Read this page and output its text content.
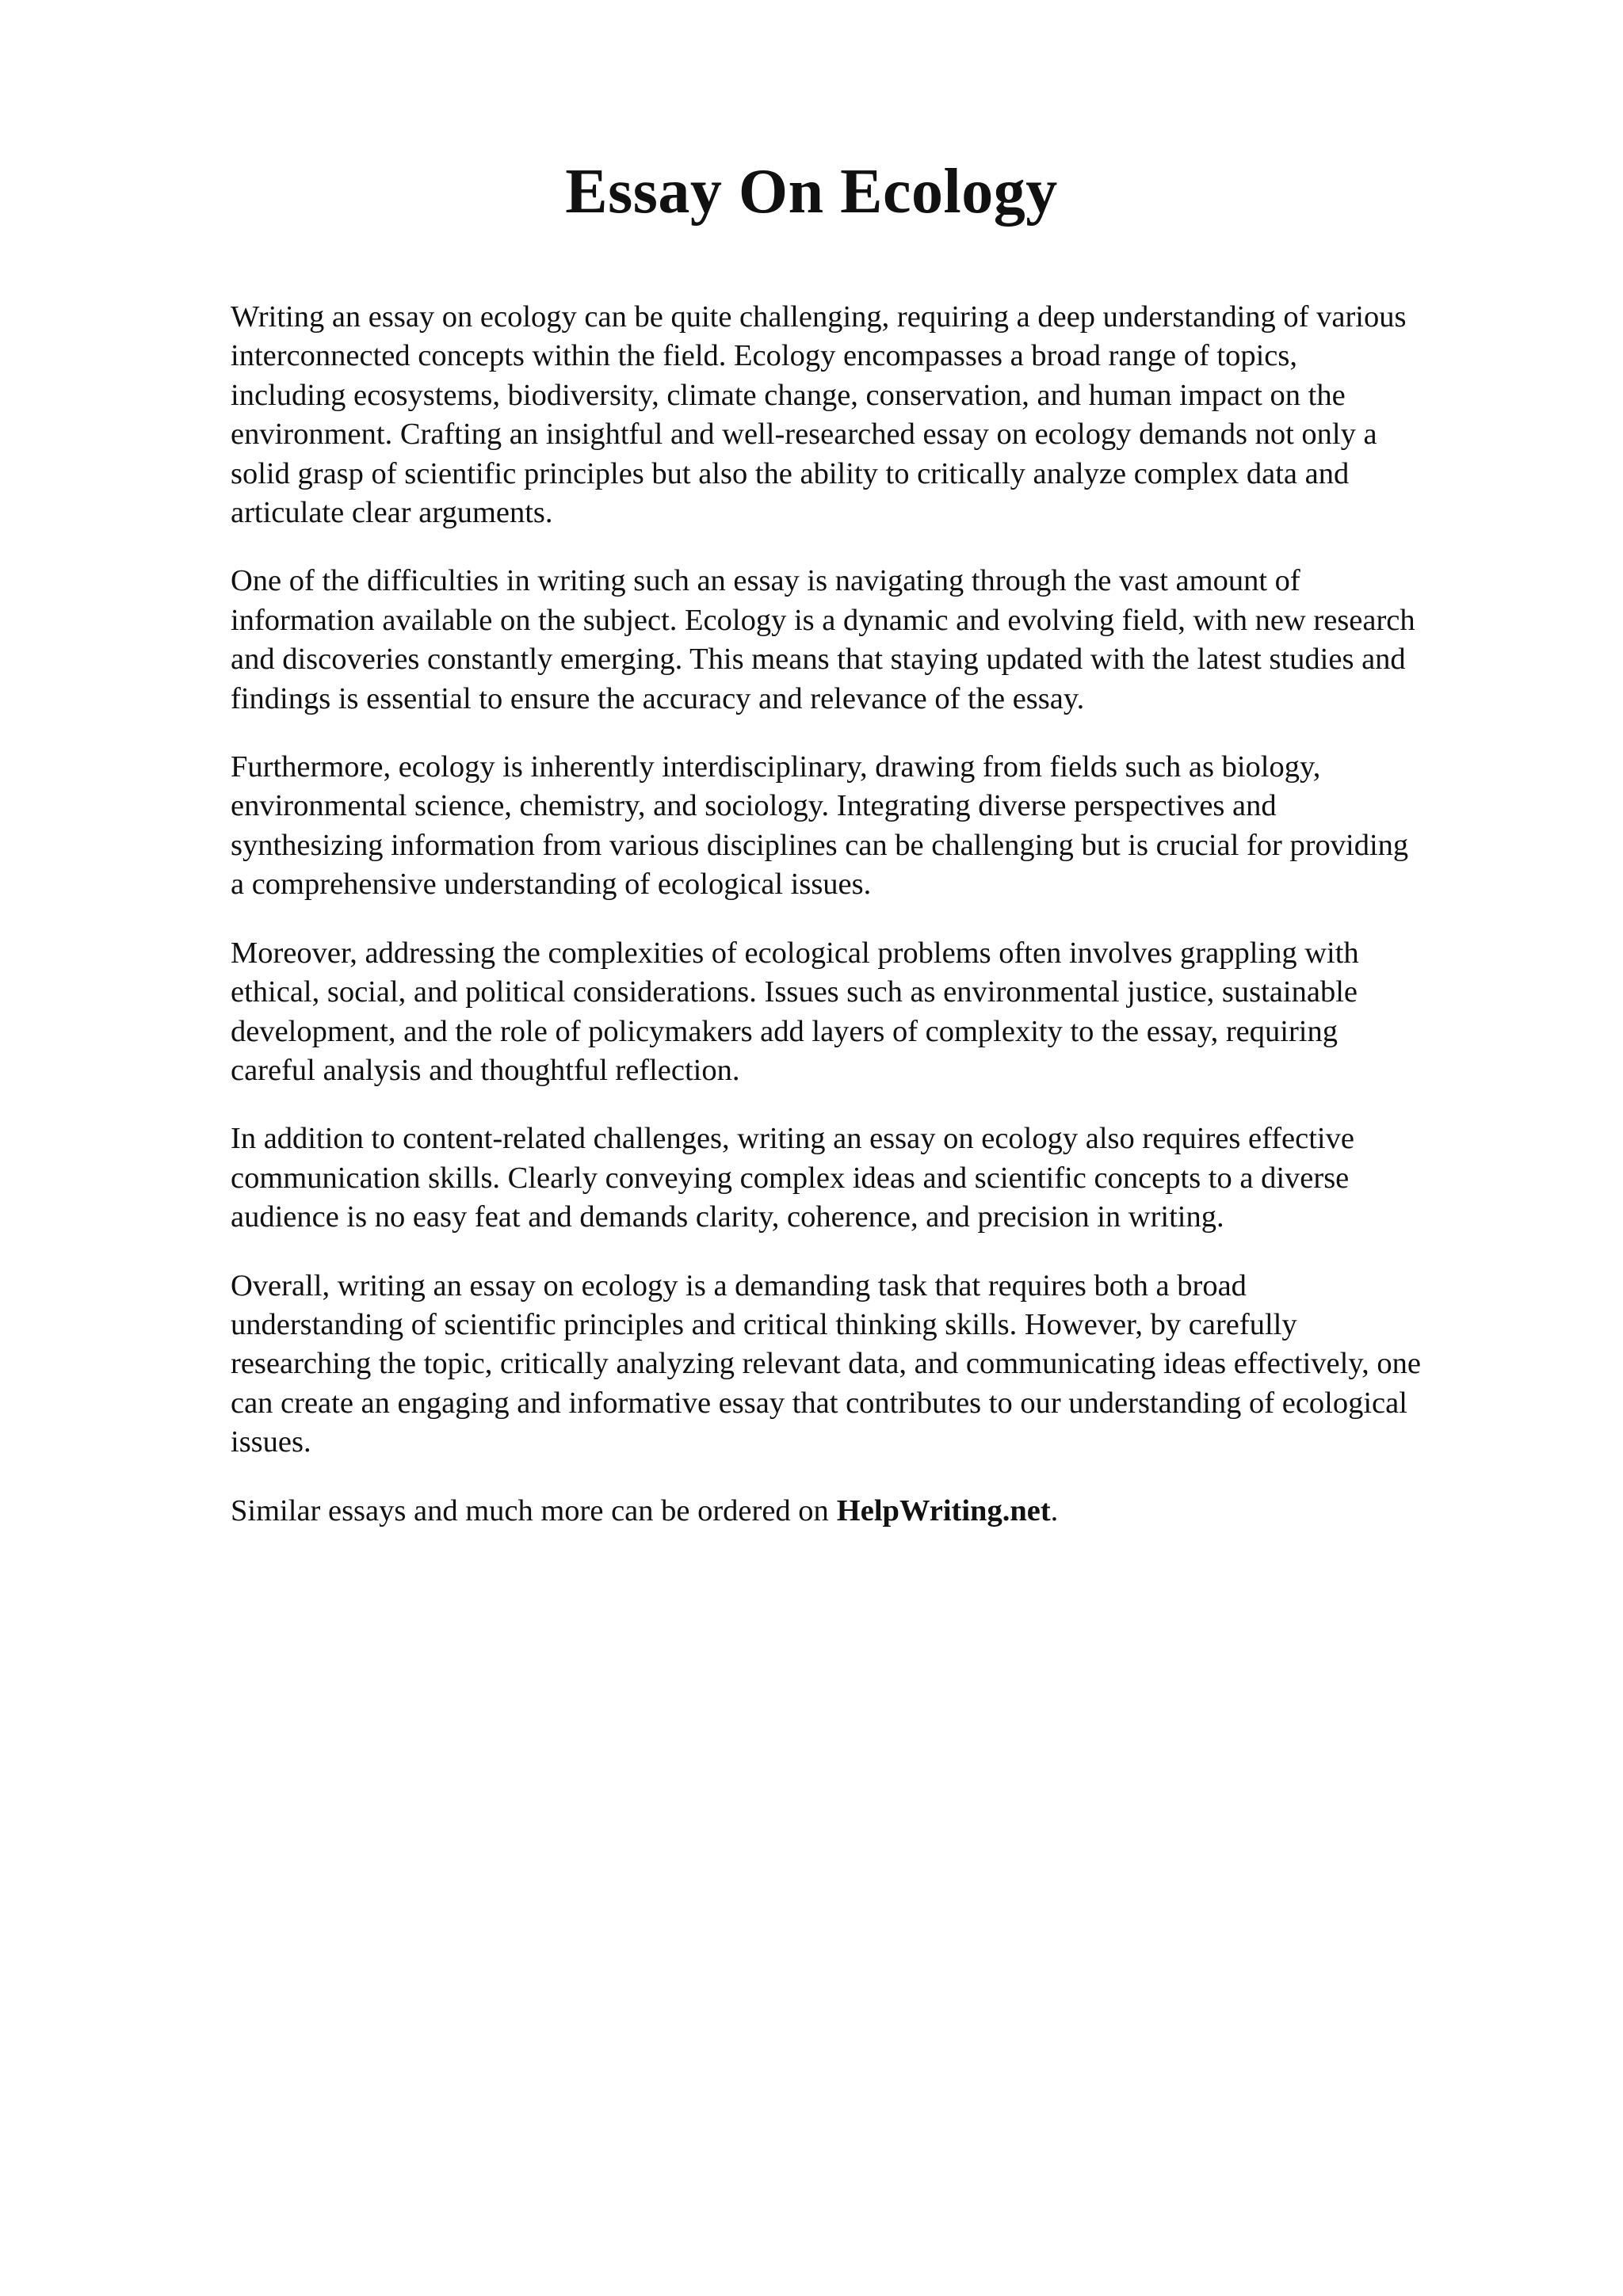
Essay On Ecology

Writing an essay on ecology can be quite challenging, requiring a deep understanding of various
interconnected concepts within the field. Ecology encompasses a broad range of topics,
including ecosystems, biodiversity, climate change, conservation, and human impact on the
environment. Crafting an insightful and well-researched essay on ecology demands not only a
solid grasp of scientific principles but also the ability to critically analyze complex data and
articulate clear arguments.

One of the difficulties in writing such an essay is navigating through the vast amount of
information available on the subject. Ecology is a dynamic and evolving field, with new research
and discoveries constantly emerging. This means that staying updated with the latest studies and
findings is essential to ensure the accuracy and relevance of the essay.

Furthermore, ecology is inherently interdisciplinary, drawing from fields such as biology,
environmental science, chemistry, and sociology. Integrating diverse perspectives and
synthesizing information from various disciplines can be challenging but is crucial for providing
a comprehensive understanding of ecological issues.

Moreover, addressing the complexities of ecological problems often involves grappling with
ethical, social, and political considerations. Issues such as environmental justice, sustainable
development, and the role of policymakers add layers of complexity to the essay, requiring
careful analysis and thoughtful reflection.

In addition to content-related challenges, writing an essay on ecology also requires effective
communication skills. Clearly conveying complex ideas and scientific concepts to a diverse
audience is no easy feat and demands clarity, coherence, and precision in writing.

Overall, writing an essay on ecology is a demanding task that requires both a broad
understanding of scientific principles and critical thinking skills. However, by carefully
researching the topic, critically analyzing relevant data, and communicating ideas effectively, one
can create an engaging and informative essay that contributes to our understanding of ecological
issues.

Similar essays and much more can be ordered on HelpWriting.net.
